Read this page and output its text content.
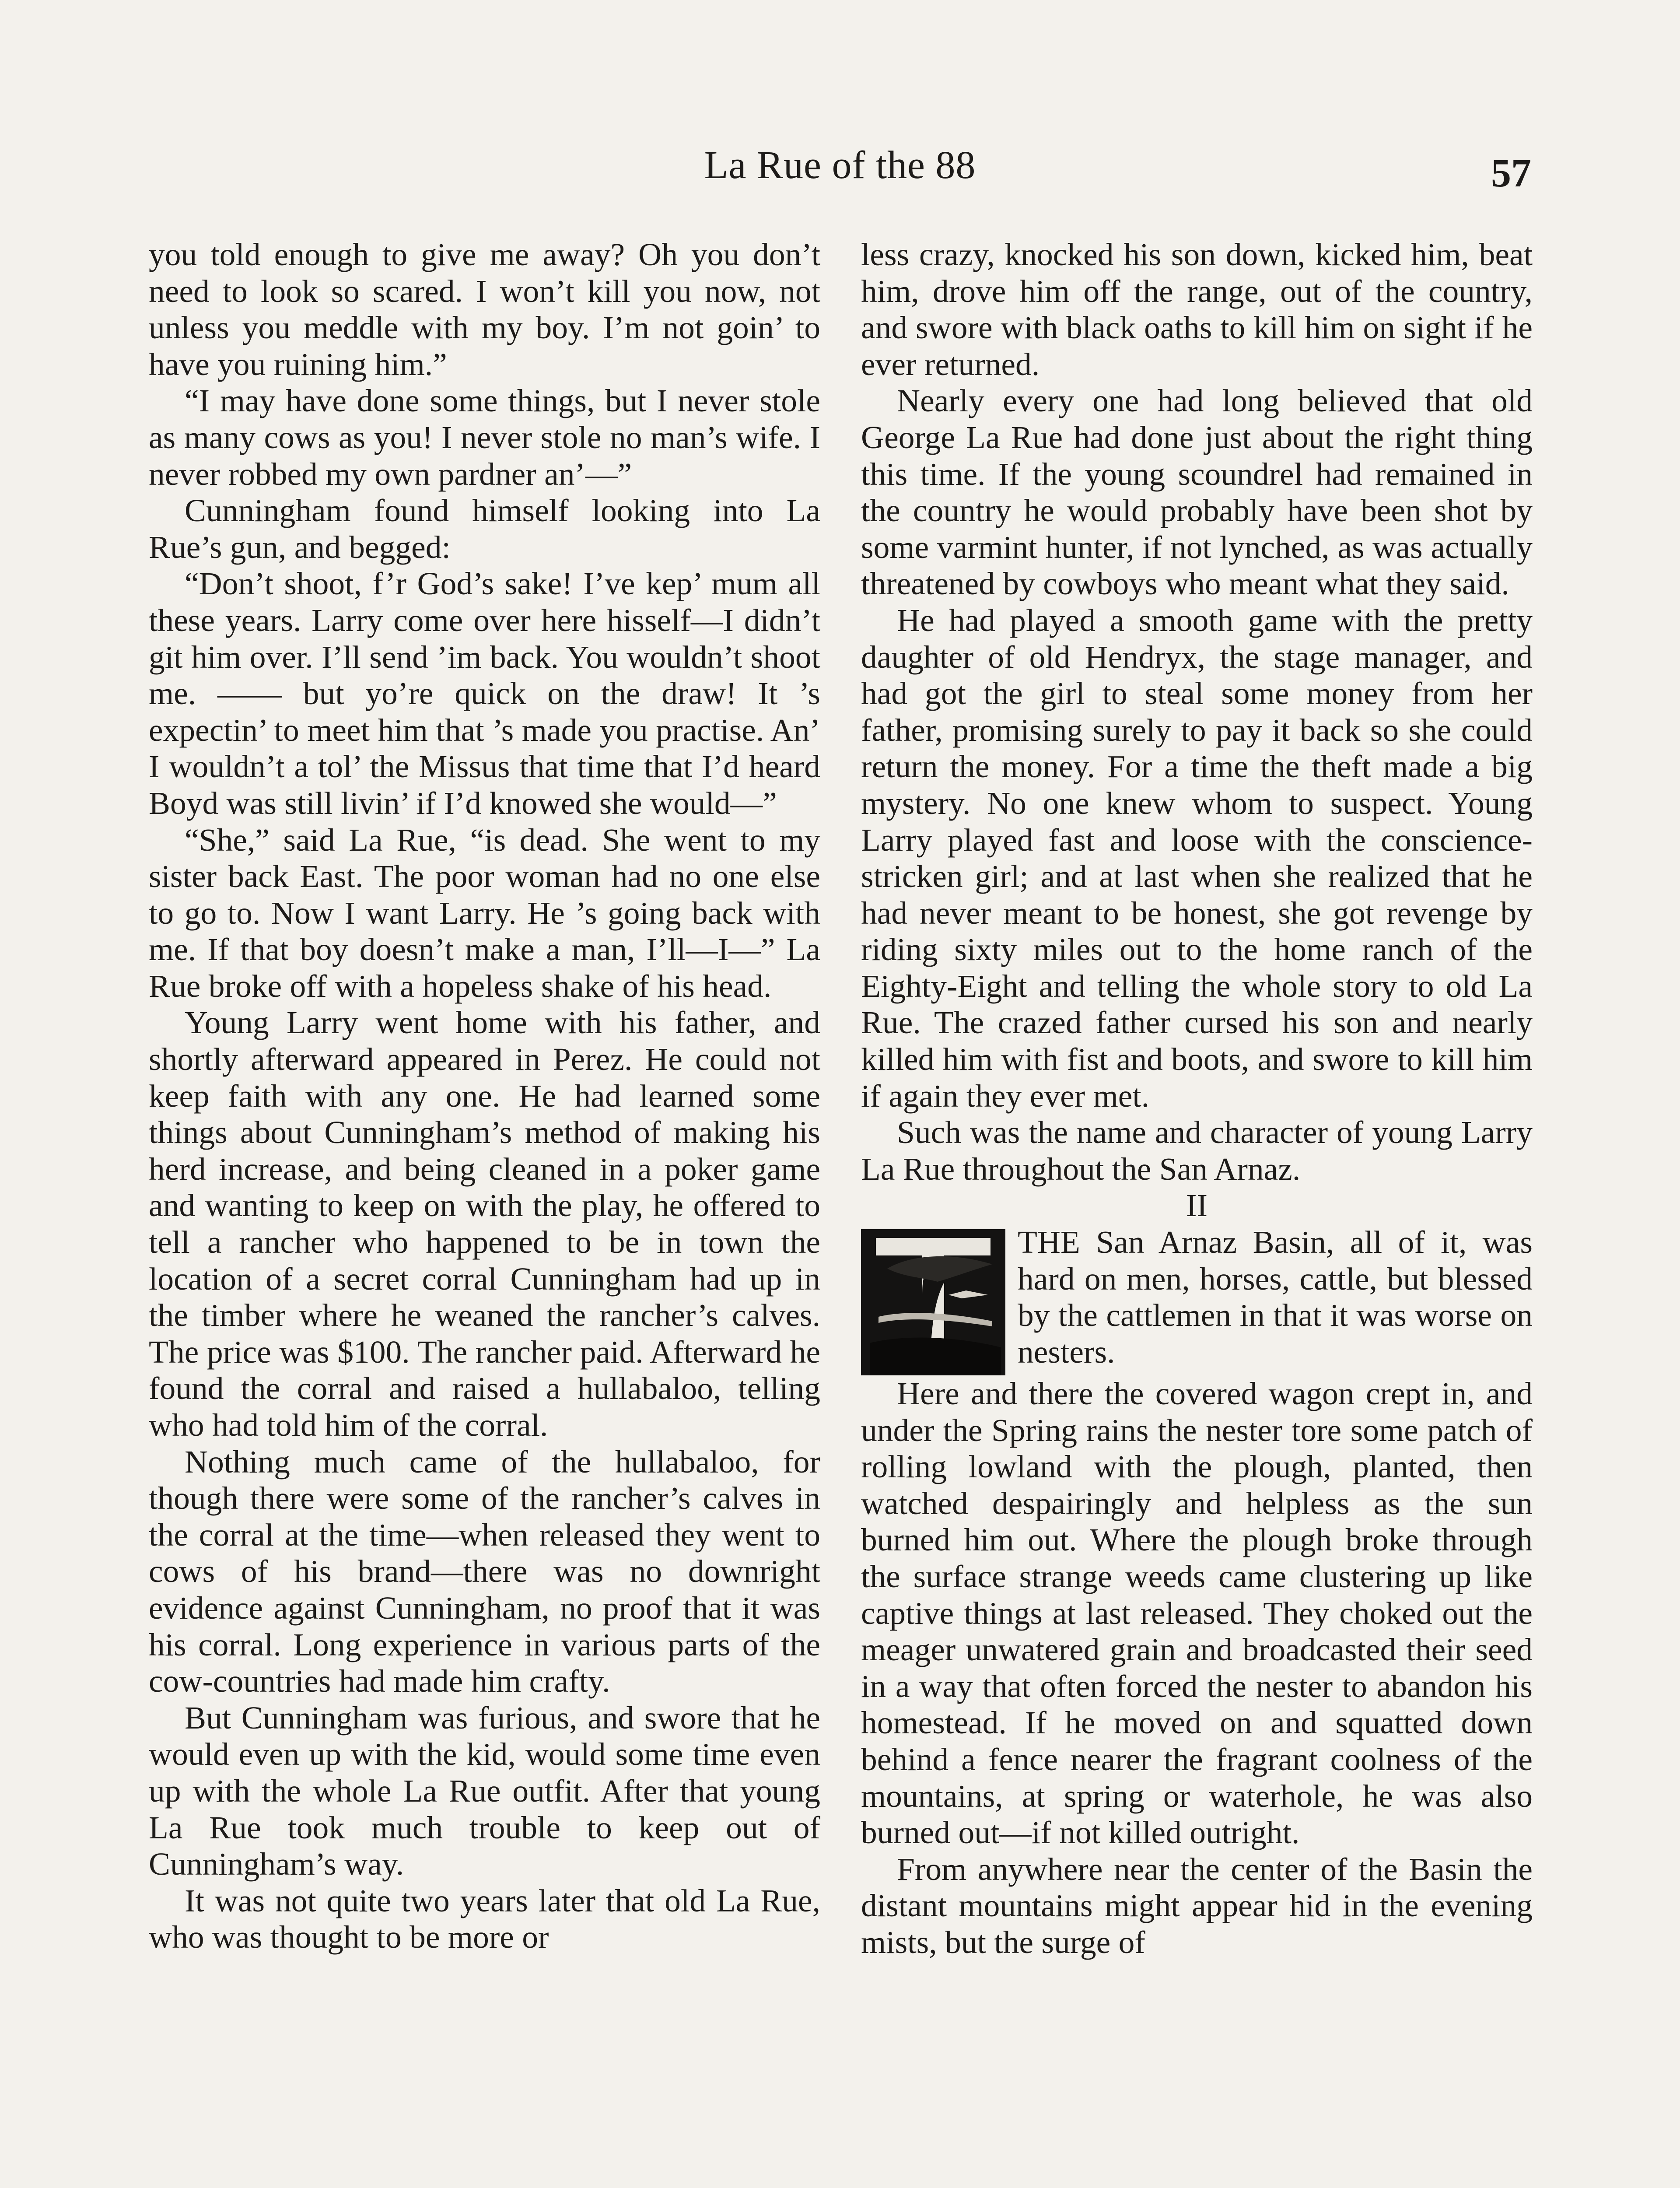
La Rue of the 88	57

you told enough to give me away? Oh you don’t need to look so scared. I won’t kill you now, not unless you meddle with my boy. I’m not goin’ to have you ruining him.”

“I may have done some things, but I never stole as many cows as you! I never stole no man’s wife. I never robbed my own pardner an’—”

Cunningham found himself looking into La Rue’s gun, and begged:

“Don’t shoot, f’r God’s sake! I’ve kep’ mum all these years. Larry come over here hisself—I didn’t git him over. I’ll send ’im back. You wouldn’t shoot me. —— but yo’re quick on the draw! It ’s expectin’ to meet him that ’s made you practise. An’ I wouldn’t a tol’ the Missus that time that I’d heard Boyd was still livin’ if I’d knowed she would—”

“She,” said La Rue, “is dead. She went to my sister back East. The poor woman had no one else to go to. Now I want Larry. He ’s going back with me. If that boy doesn’t make a man, I’ll—I—” La Rue broke off with a hopeless shake of his head.

Young Larry went home with his father, and shortly afterward appeared in Perez. He could not keep faith with any one. He had learned some things about Cunningham’s method of making his herd increase, and being cleaned in a poker game and wanting to keep on with the play, he offered to tell a rancher who happened to be in town the location of a secret corral Cunningham had up in the timber where he weaned the rancher’s calves. The price was $100. The rancher paid. Afterward he found the corral and raised a hullabaloo, telling who had told him of the corral.

Nothing much came of the hullabaloo, for though there were some of the rancher’s calves in the corral at the time—when released they went to cows of his brand—there was no downright evidence against Cunningham, no proof that it was his corral. Long experience in various parts of the cow-countries had made him crafty.

But Cunningham was furious, and swore that he would even up with the kid, would some time even up with the whole La Rue outfit. After that young La Rue took much trouble to keep out of Cunningham’s way.

It was not quite two years later that old La Rue, who was thought to be more or

less crazy, knocked his son down, kicked him, beat him, drove him off the range, out of the country, and swore with black oaths to kill him on sight if he ever returned.

Nearly every one had long believed that old George La Rue had done just about the right thing this time. If the young scoundrel had remained in the country he would probably have been shot by some varmint hunter, if not lynched, as was actually threatened by cowboys who meant what they said.

He had played a smooth game with the pretty daughter of old Hendryx, the stage manager, and had got the girl to steal some money from her father, promising surely to pay it back so she could return the money. For a time the theft made a big mystery. No one knew whom to suspect. Young Larry played fast and loose with the conscience-stricken girl; and at last when she realized that he had never meant to be honest, she got revenge by riding sixty miles out to the home ranch of the Eighty-Eight and telling the whole story to old La Rue. The crazed father cursed his son and nearly killed him with fist and boots, and swore to kill him if again they ever met.

Such was the name and character of young Larry La Rue throughout the San Arnaz.

II

THE San Arnaz Basin, all of it, was hard on men, horses, cattle, but blessed by the cattlemen in that it was worse on nesters.

Here and there the covered wagon crept in, and under the Spring rains the nester tore some patch of rolling lowland with the plough, planted, then watched despairingly and helpless as the sun burned him out. Where the plough broke through the surface strange weeds came clustering up like captive things at last released. They choked out the meager unwatered grain and broadcasted their seed in a way that often forced the nester to abandon his homestead. If he moved on and squatted down behind a fence nearer the fragrant coolness of the mountains, at spring or waterhole, he was also burned out—if not killed outright.

From anywhere near the center of the Basin the distant mountains might appear hid in the evening mists, but the surge of
